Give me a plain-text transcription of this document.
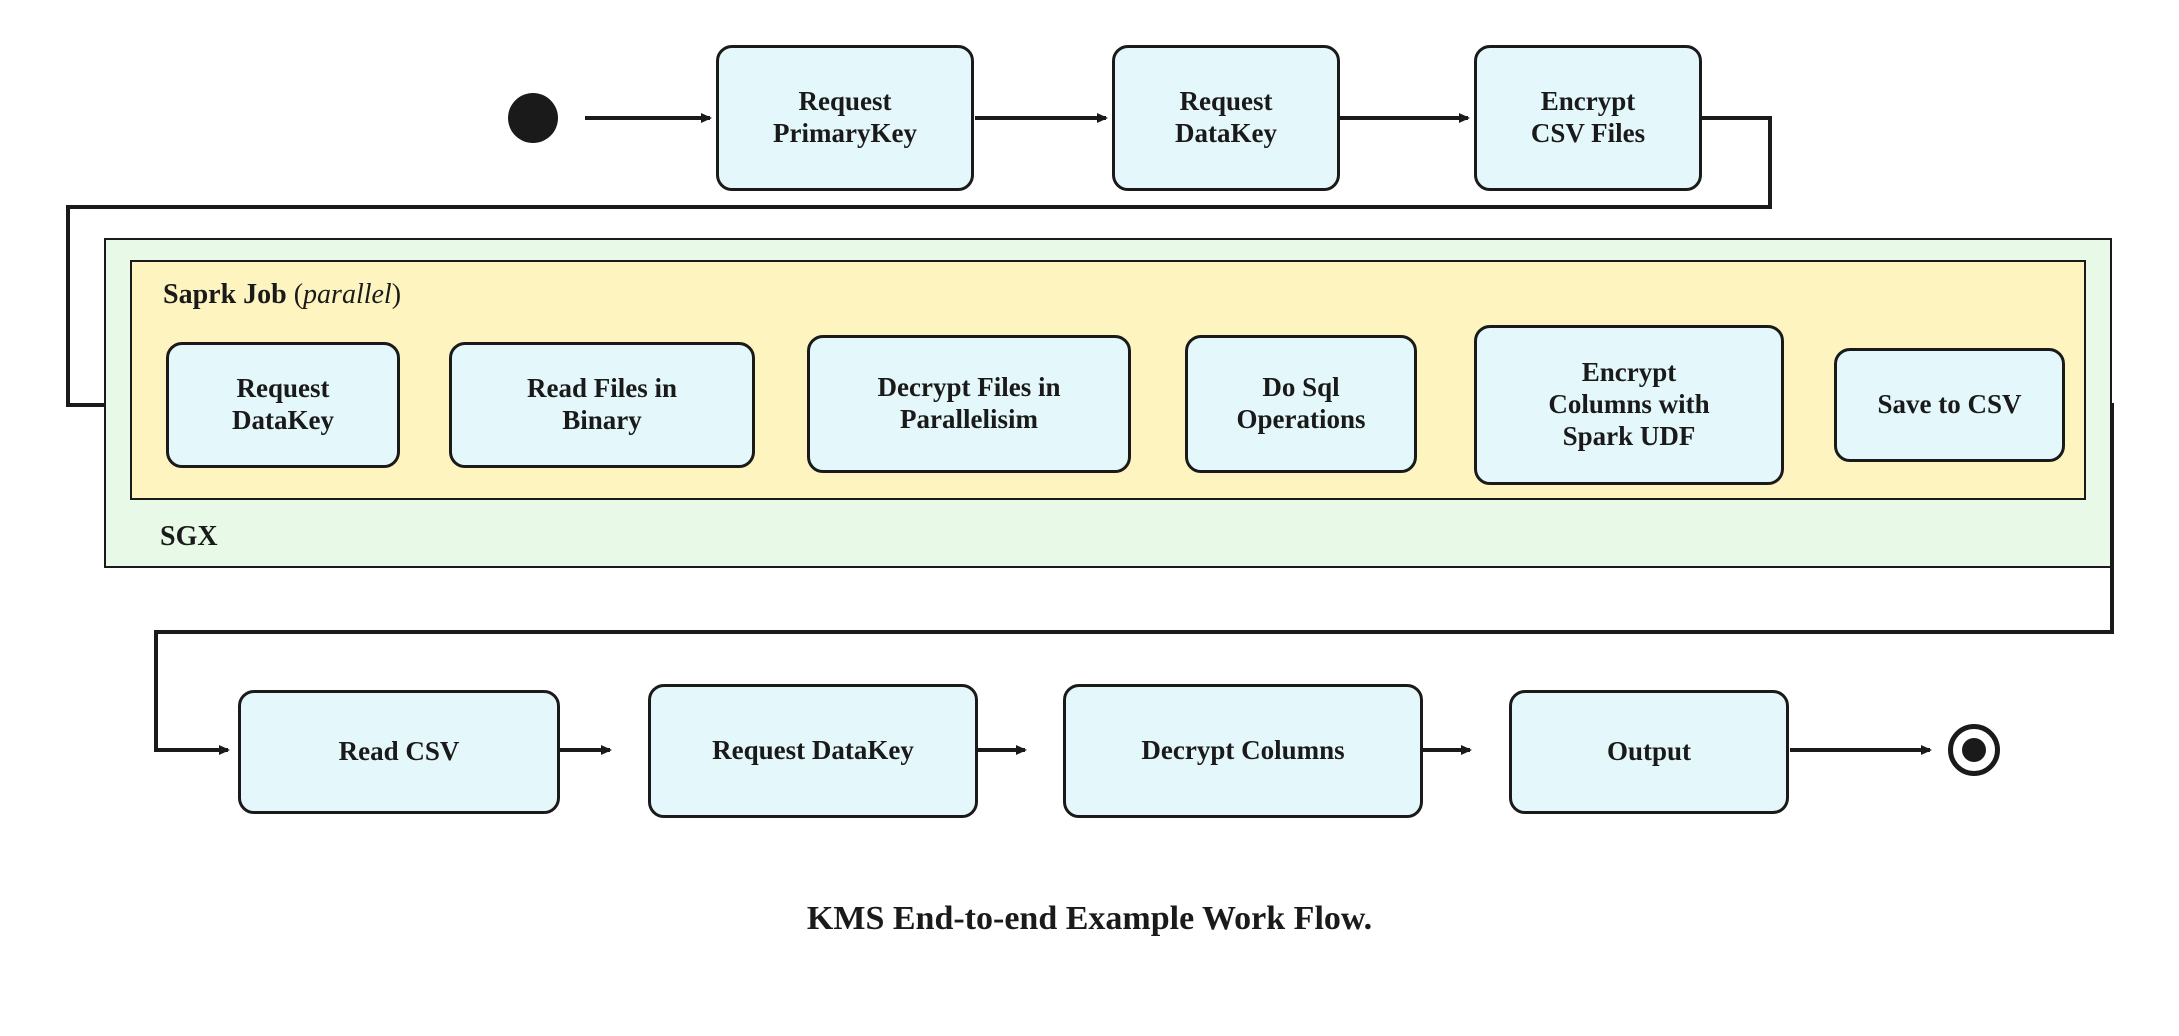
Request
PrimaryKey
Request
DataKey
Encrypt
CSV Files
SGX
Saprk Job (parallel)
Request
DataKey
Read Files in
Binary
Decrypt Files in
Parallelisim
Do Sql
Operations
Encrypt
Columns with
Spark UDF
Save to CSV
Read CSV	Request DataKey	Decrypt Columns	Output
KMS End-to-end Example Work Flow.
